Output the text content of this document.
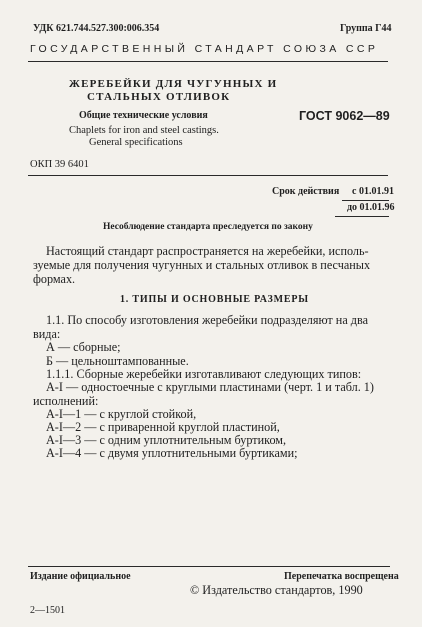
УДК 621.744.527.300:006.354	Группа Г44
ГОСУДАРСТВЕННЫЙ СТАНДАРТ СОЮЗА ССР
ЖЕРЕБЕЙКИ ДЛЯ ЧУГУННЫХ И
СТАЛЬНЫХ ОТЛИВОК
Общие технические условия
Chaplets for iron and steel castings.
General specifications
ГОСТ 9062—89
ОКП 39 6401
Срок действия с 01.01.91
до 01.01.96
Несоблюдение стандарта преследуется по закону
Настоящий стандарт распространяется на жеребейки, исполь-
зуемые для получения чугунных и стальных отливок в песчаных
формах.
1. ТИПЫ И ОСНОВНЫЕ РАЗМЕРЫ
1.1. По способу изготовления жеребейки подразделяют на два
вида:
А — сборные;
Б — цельноштампованные.
1.1.1. Сборные жеребейки изготавливают следующих типов:
А-I — одностоечные с круглыми пластинами (черт. 1 и табл. 1)
исполнений:
А-I—1 — с круглой стойкой,
А-I—2 — с приваренной круглой пластиной,
А-I—3 — с одним уплотнительным буртиком,
А-I—4 — с двумя уплотнительными буртиками;
Издание официальное	Перепечатка воспрещена
© Издательство стандартов, 1990
2—1501
